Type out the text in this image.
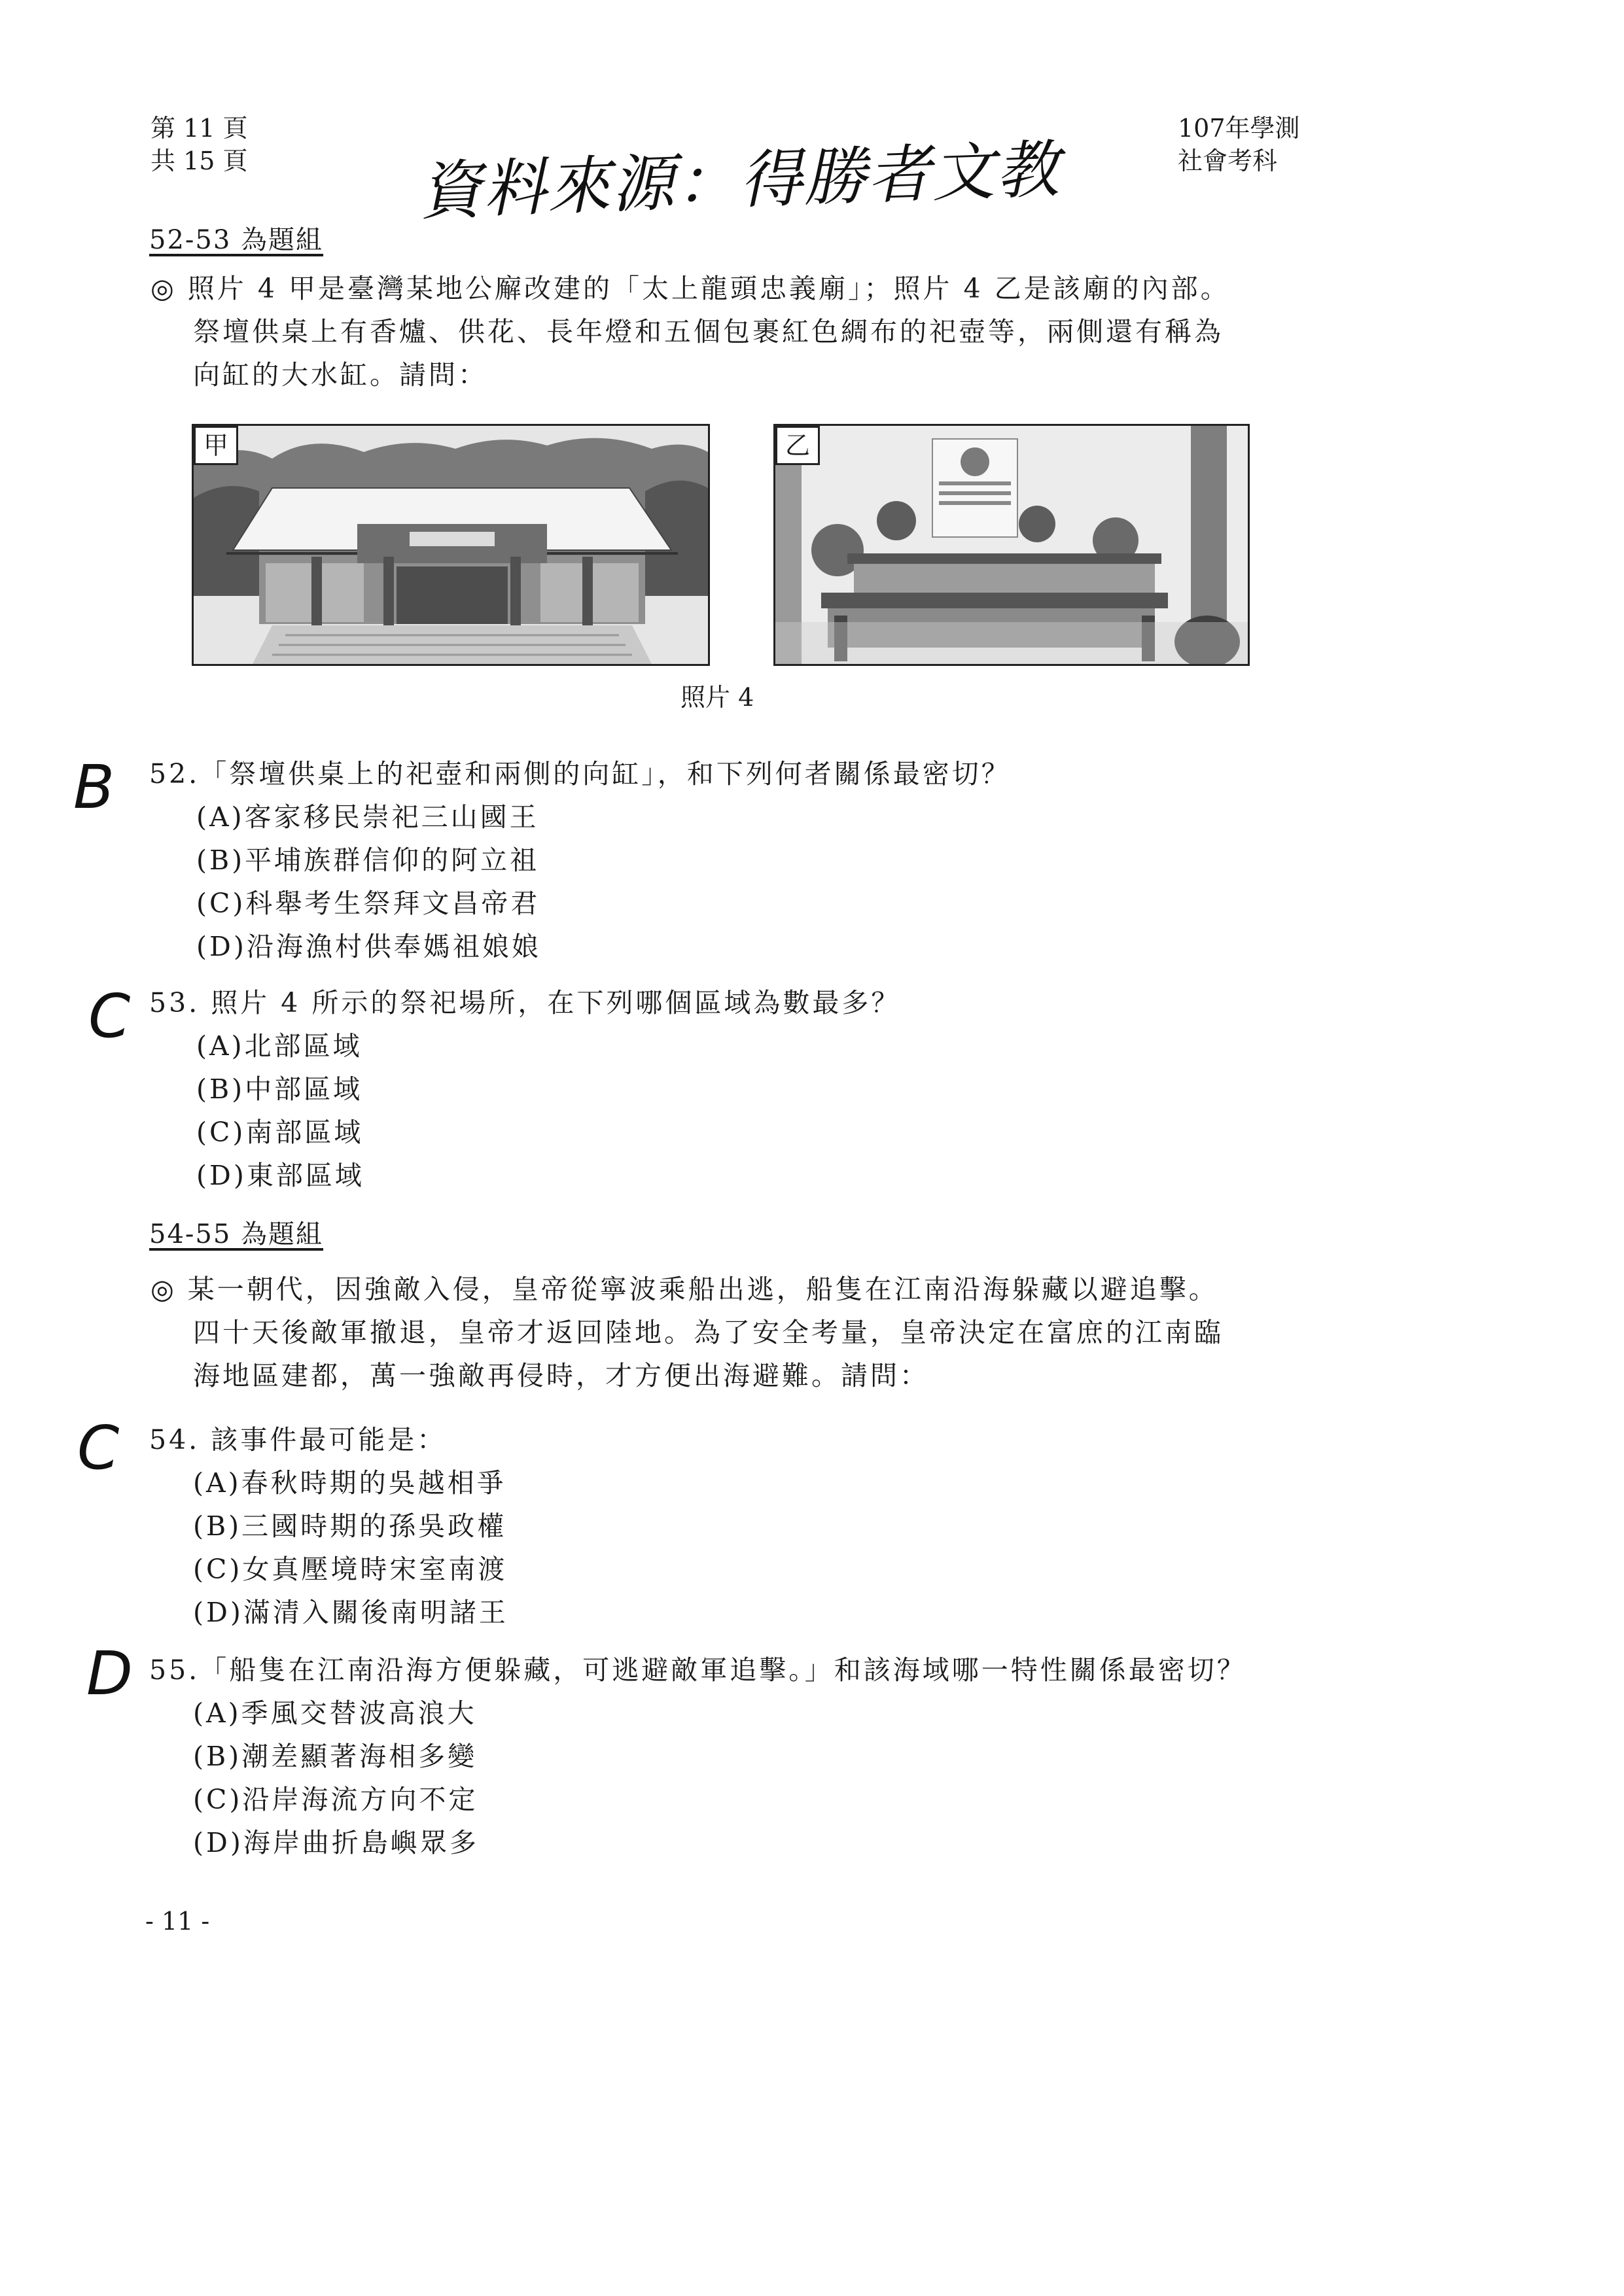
第 11 頁
共 15 頁
107年學測
社會考科
資料來源：得勝者文教
52-53 為題組
◎ 照片 4 甲是臺灣某地公廨改建的「太上龍頭忠義廟」；照片 4 乙是該廟的內部。
祭壇供桌上有香爐、供花、長年燈和五個包裹紅色綢布的祀壺等，兩側還有稱為
向缸的大水缸。請問：
甲	乙
照片 4
B 52.「祭壇供桌上的祀壺和兩側的向缸」，和下列何者關係最密切？
(A)客家移民崇祀三山國王
(B)平埔族群信仰的阿立祖
(C)科舉考生祭拜文昌帝君
(D)沿海漁村供奉媽祖娘娘
C 53. 照片 4 所示的祭祀場所，在下列哪個區域為數最多？
(A)北部區域
(B)中部區域
(C)南部區域
(D)東部區域
54-55 為題組
◎ 某一朝代，因強敵入侵，皇帝從寧波乘船出逃，船隻在江南沿海躲藏以避追擊。
四十天後敵軍撤退，皇帝才返回陸地。為了安全考量，皇帝決定在富庶的江南臨
海地區建都，萬一強敵再侵時，才方便出海避難。請問：
C 54. 該事件最可能是：
(A)春秋時期的吳越相爭
(B)三國時期的孫吳政權
(C)女真壓境時宋室南渡
(D)滿清入關後南明諸王
D 55.「船隻在江南沿海方便躲藏，可逃避敵軍追擊。」和該海域哪一特性關係最密切？
(A)季風交替波高浪大
(B)潮差顯著海相多變
(C)沿岸海流方向不定
(D)海岸曲折島嶼眾多
- 11 -
